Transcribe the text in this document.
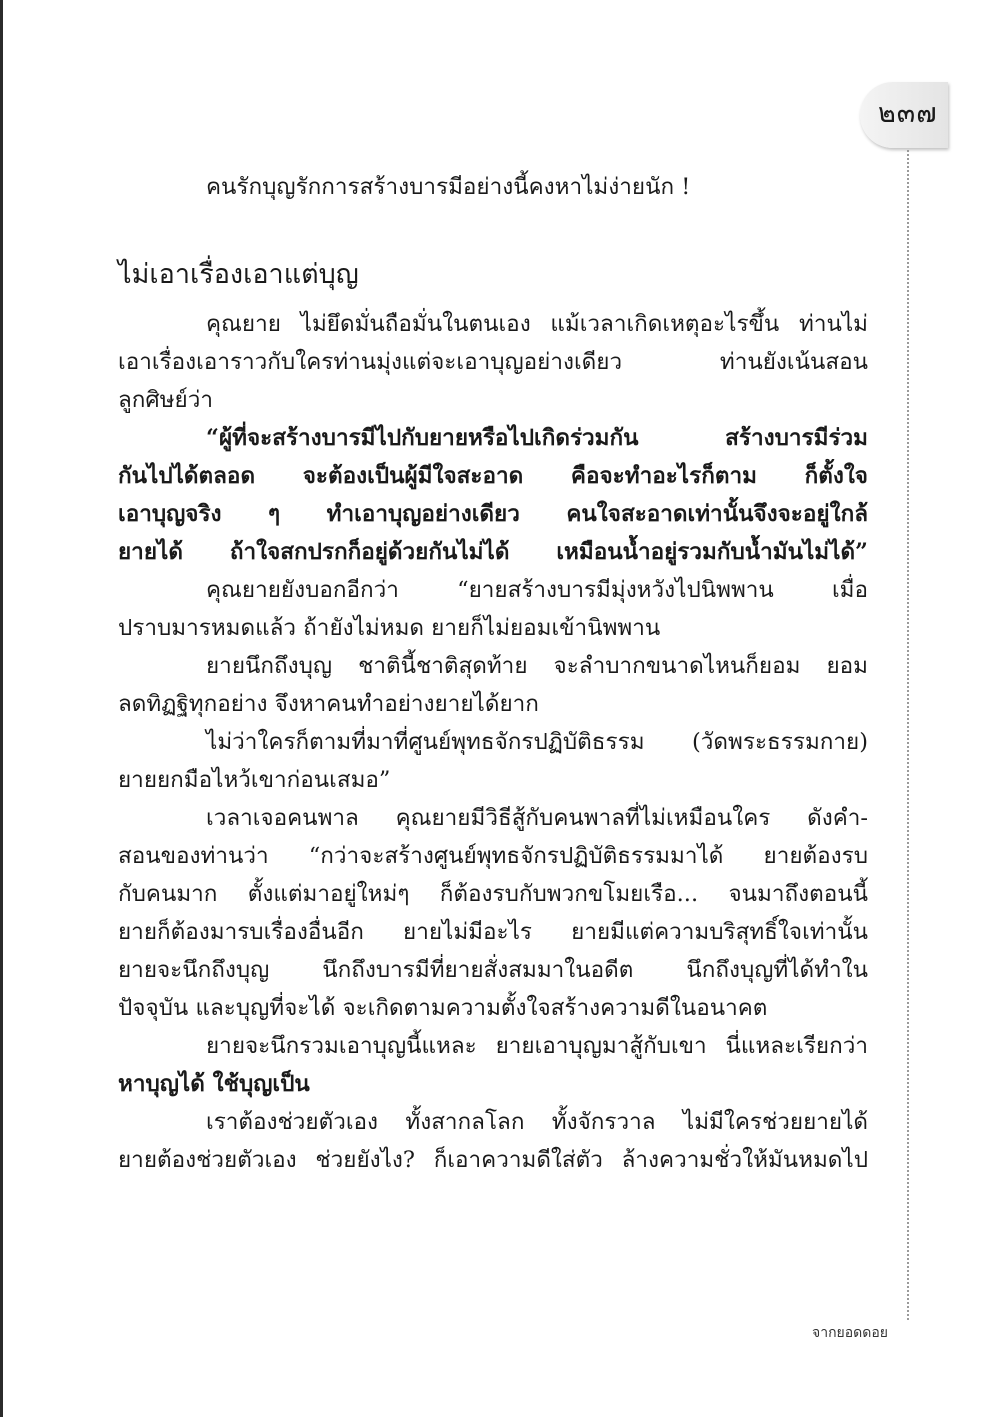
๒๓๗
คนรักบุญรักการสร้างบารมีอย่างนี้คงหาไม่ง่ายนัก !
ไม่เอาเรื่องเอาแต่บุญ
คุณยาย ไม่ยึดมั่นถือมั่นในตนเอง แม้เวลาเกิดเหตุอะไรขึ้น ท่านไม่
เอาเรื่องเอาราวกับใครท่านมุ่งแต่จะเอาบุญอย่างเดียว ท่านยังเน้นสอน
ลูกศิษย์ว่า
“ผู้ที่จะสร้างบารมีไปกับยายหรือไปเกิดร่วมกัน สร้างบารมีร่วม
กันไปได้ตลอด จะต้องเป็นผู้มีใจสะอาด คือจะทำอะไรก็ตาม ก็ตั้งใจ
เอาบุญจริง ๆ ทำเอาบุญอย่างเดียว คนใจสะอาดเท่านั้นจึงจะอยู่ใกล้
ยายได้ ถ้าใจสกปรกก็อยู่ด้วยกันไม่ได้ เหมือนน้ำอยู่รวมกับน้ำมันไม่ได้”
คุณยายยังบอกอีกว่า “ยายสร้างบารมีมุ่งหวังไปนิพพาน เมื่อ
ปราบมารหมดแล้ว ถ้ายังไม่หมด ยายก็ไม่ยอมเข้านิพพาน
ยายนึกถึงบุญ ชาตินี้ชาติสุดท้าย จะลำบากขนาดไหนก็ยอม ยอม
ลดทิฏฐิทุกอย่าง จึงหาคนทำอย่างยายได้ยาก
ไม่ว่าใครก็ตามที่มาที่ศูนย์พุทธจักรปฏิบัติธรรม (วัดพระธรรมกาย)
ยายยกมือไหว้เขาก่อนเสมอ”
เวลาเจอคนพาล คุณยายมีวิธีสู้กับคนพาลที่ไม่เหมือนใคร ดังคำ-
สอนของท่านว่า “กว่าจะสร้างศูนย์พุทธจักรปฏิบัติธรรมมาได้ ยายต้องรบ
กับคนมาก ตั้งแต่มาอยู่ใหม่ๆ ก็ต้องรบกับพวกขโมยเรือ... จนมาถึงตอนนี้
ยายก็ต้องมารบเรื่องอื่นอีก ยายไม่มีอะไร ยายมีแต่ความบริสุทธิ์ใจเท่านั้น
ยายจะนึกถึงบุญ นึกถึงบารมีที่ยายสั่งสมมาในอดีต นึกถึงบุญที่ได้ทำใน
ปัจจุบัน และบุญที่จะได้ จะเกิดตามความตั้งใจสร้างความดีในอนาคต
ยายจะนึกรวมเอาบุญนี้แหละ ยายเอาบุญมาสู้กับเขา นี่แหละเรียกว่า
หาบุญได้ ใช้บุญเป็น
เราต้องช่วยตัวเอง ทั้งสากลโลก ทั้งจักรวาล ไม่มีใครช่วยยายได้
ยายต้องช่วยตัวเอง ช่วยยังไง? ก็เอาความดีใส่ตัว ล้างความชั่วให้มันหมดไป
จากยอดดอย
